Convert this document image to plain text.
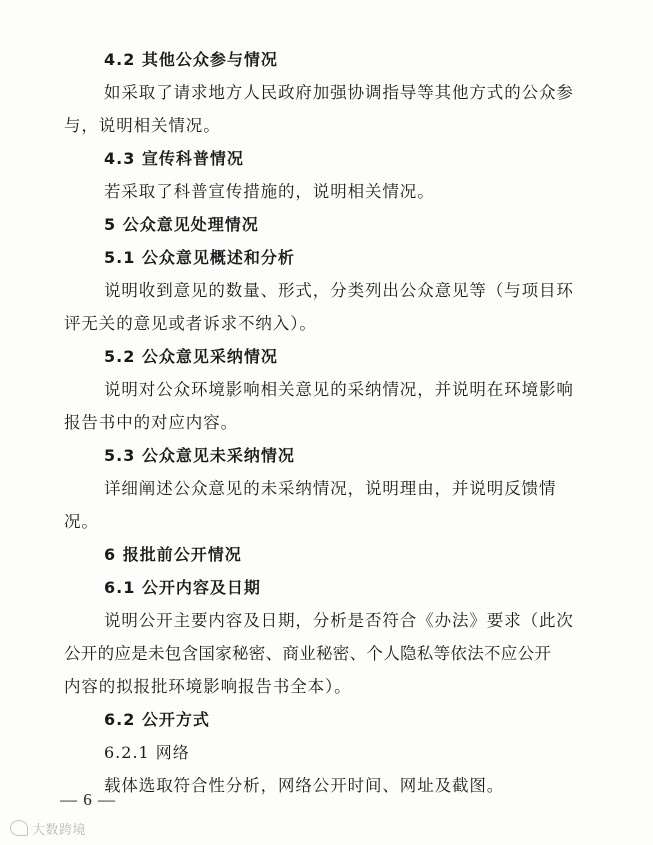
4.2 其他公众参与情况
如采取了请求地方人民政府加强协调指导等其他方式的公众参
与，说明相关情况。
4.3 宣传科普情况
若采取了科普宣传措施的，说明相关情况。
5 公众意见处理情况
5.1 公众意见概述和分析
说明收到意见的数量、形式，分类列出公众意见等（与项目环
评无关的意见或者诉求不纳入）。
5.2 公众意见采纳情况
说明对公众环境影响相关意见的采纳情况，并说明在环境影响
报告书中的对应内容。
5.3 公众意见未采纳情况
详细阐述公众意见的未采纳情况，说明理由，并说明反馈情
况。
6 报批前公开情况
6.1 公开内容及日期
说明公开主要内容及日期，分析是否符合《办法》要求（此次
公开的应是未包含国家秘密、商业秘密、个人隐私等依法不应公开
内容的拟报批环境影响报告书全本）。
6.2 公开方式
6.2.1 网络
载体选取符合性分析，网络公开时间、网址及截图。
— 6 —
大数跨境
